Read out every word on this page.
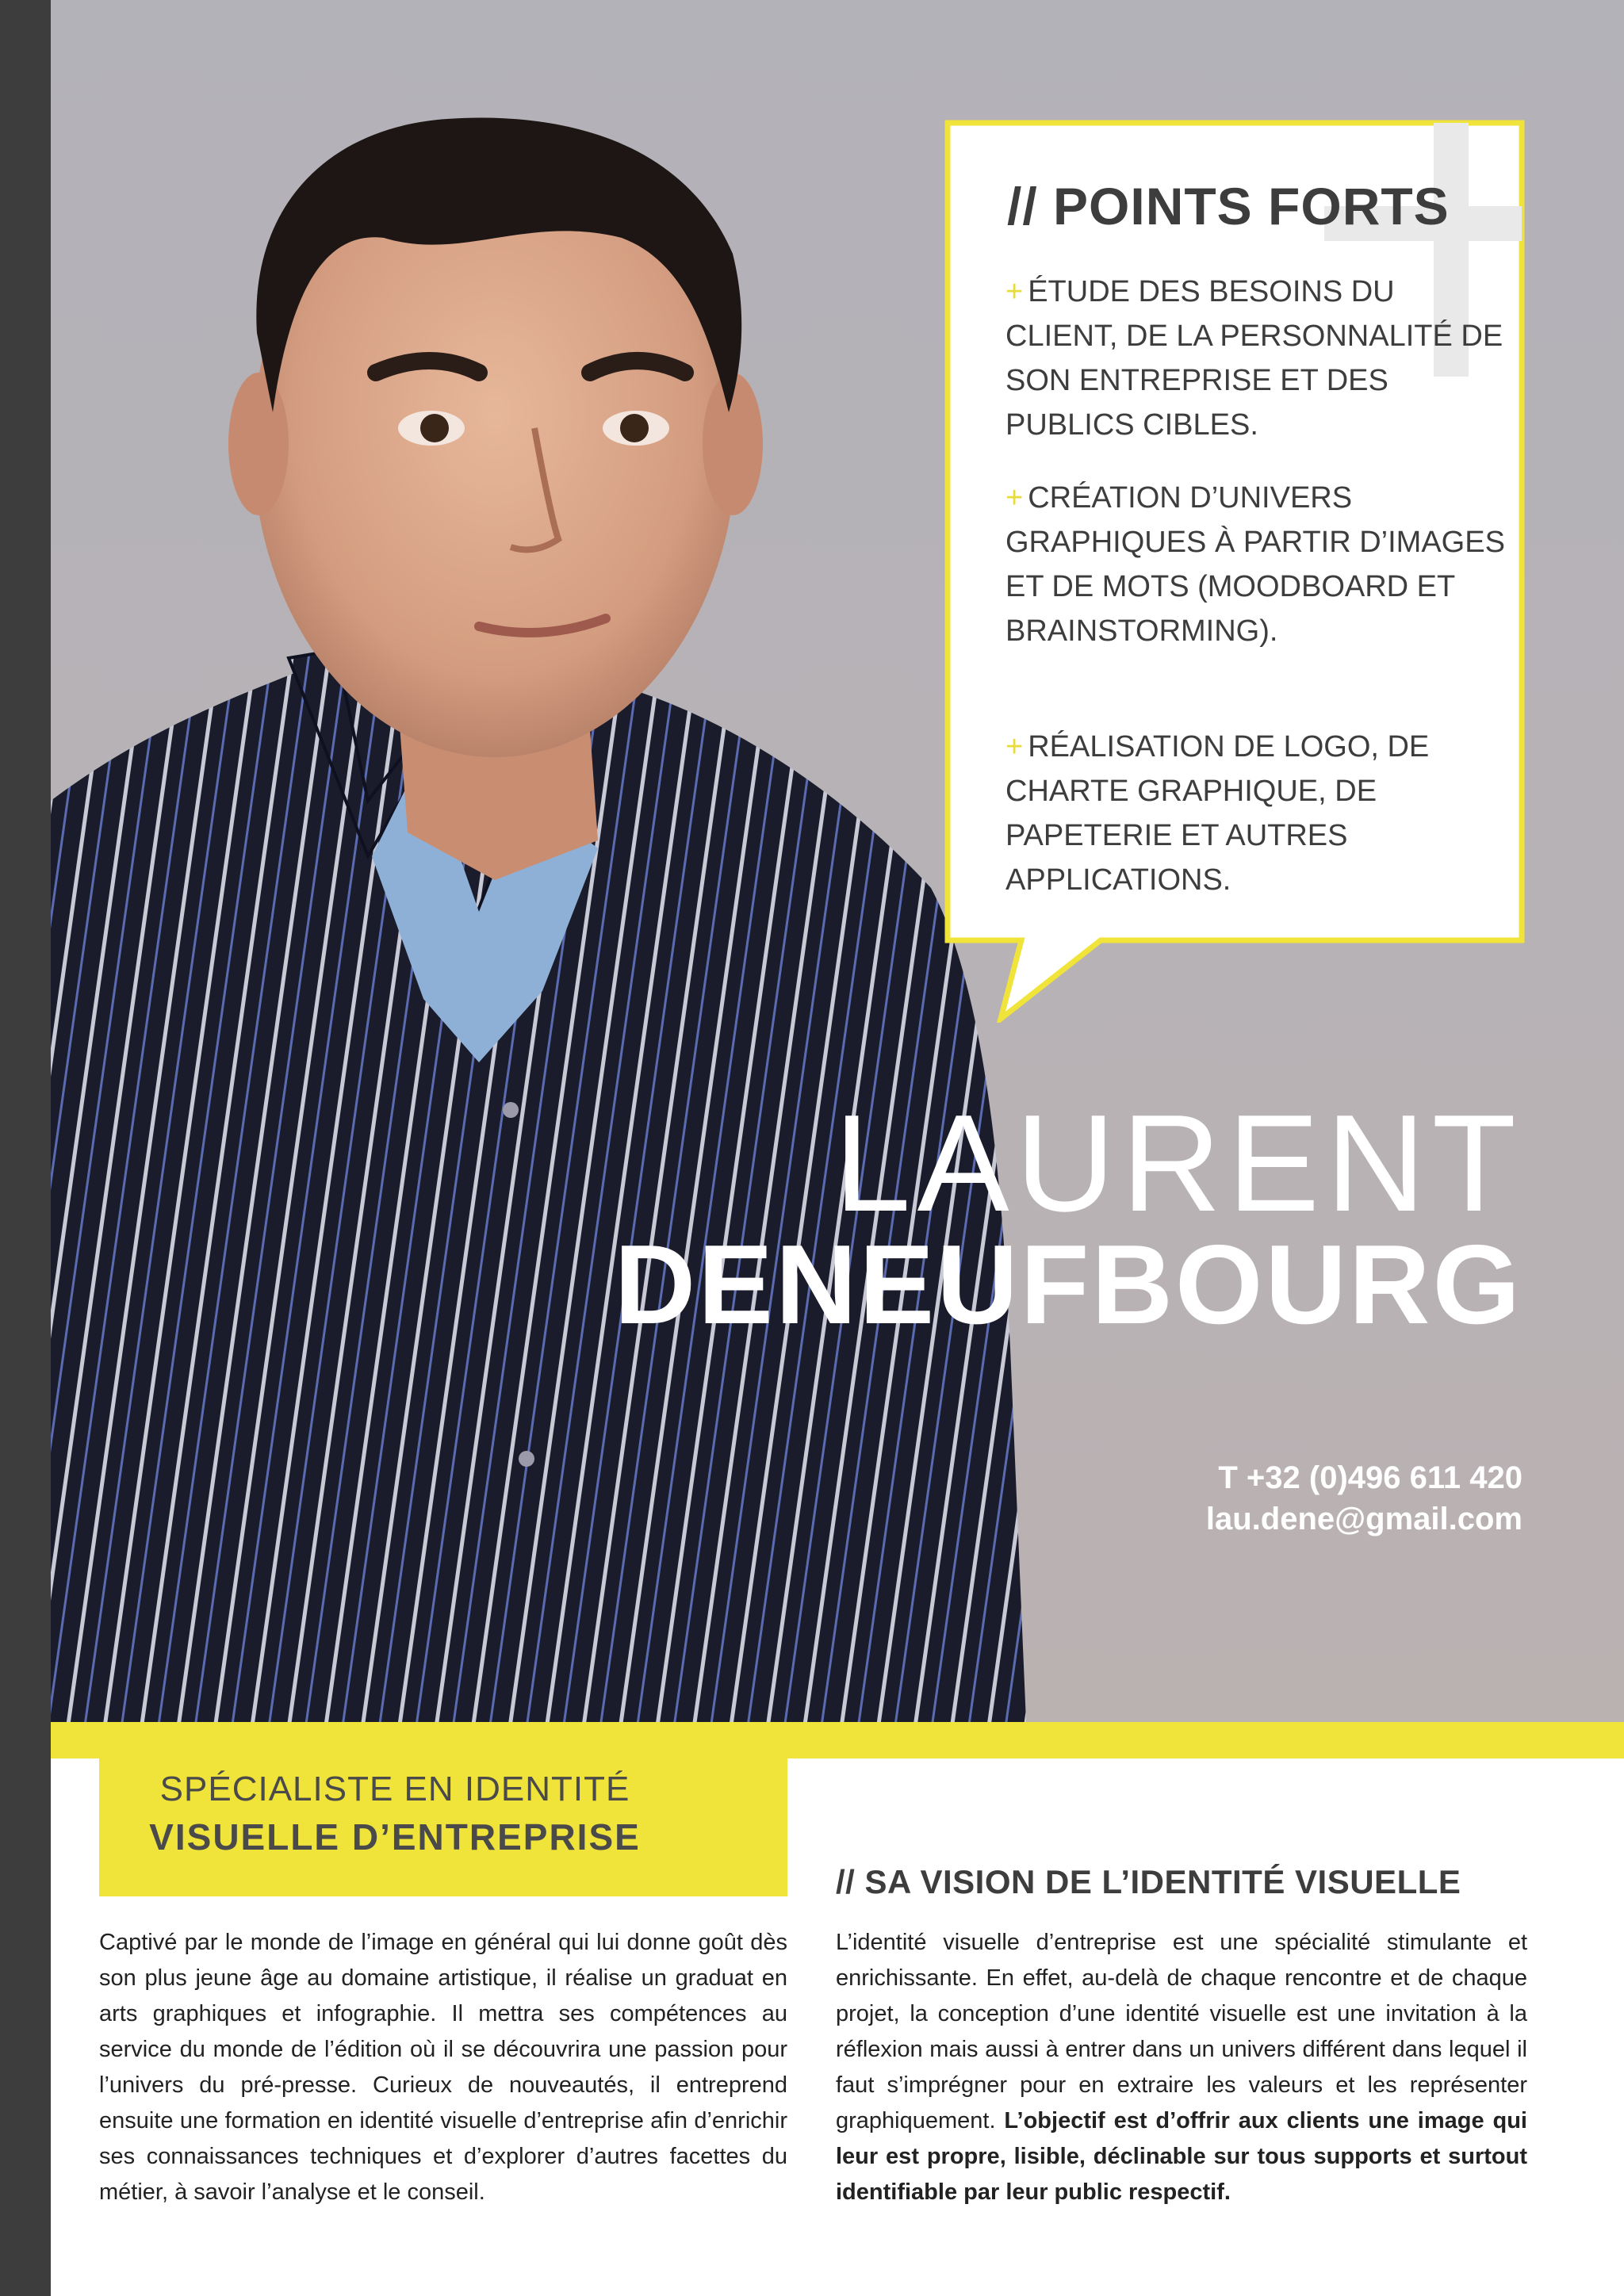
// POINTS FORTS
+ ÉTUDE DES BESOINS DU CLIENT, DE LA PERSONNALITÉ DE SON ENTREPRISE ET DES PUBLICS CIBLES.
+ CRÉATION D’UNIVERS GRAPHIQUES À PARTIR D’IMAGES ET DE MOTS (MOODBOARD ET BRAINSTORMING).
+ RÉALISATION DE LOGO, DE CHARTE GRAPHIQUE, DE PAPETERIE ET AUTRES APPLICATIONS.
LAURENT
DENEUFBOURG
T +32 (0)496 611 420
lau.dene@gmail.com
SPÉCIALISTE EN IDENTITÉ
VISUELLE D’ENTREPRISE
Captivé par le monde de l’image en général qui lui donne goût dès son plus jeune âge au domaine artistique, il réalise un graduat en arts graphiques et infographie. Il mettra ses compétences au service du monde de l’édition où il se découvrira une passion pour l’univers du pré-presse. Curieux de nouveautés, il entreprend ensuite une formation en identité visuelle d’entreprise afin d’enrichir ses connaissances techniques et d’explorer d’autres facettes du métier, à savoir l’analyse et le conseil.
// SA VISION DE L’IDENTITÉ VISUELLE
L’identité visuelle d’entreprise est une spécialité stimulante et enrichissante. En effet, au-delà de chaque rencontre et de chaque projet, la conception d’une identité visuelle est une invitation à la réflexion mais aussi à entrer dans un univers différent dans lequel il faut s’imprégner pour en extraire les valeurs et les représenter graphiquement. L’objectif est d’offrir aux clients une image qui leur est propre, lisible, déclinable sur tous supports et surtout identifiable par leur public respectif.
